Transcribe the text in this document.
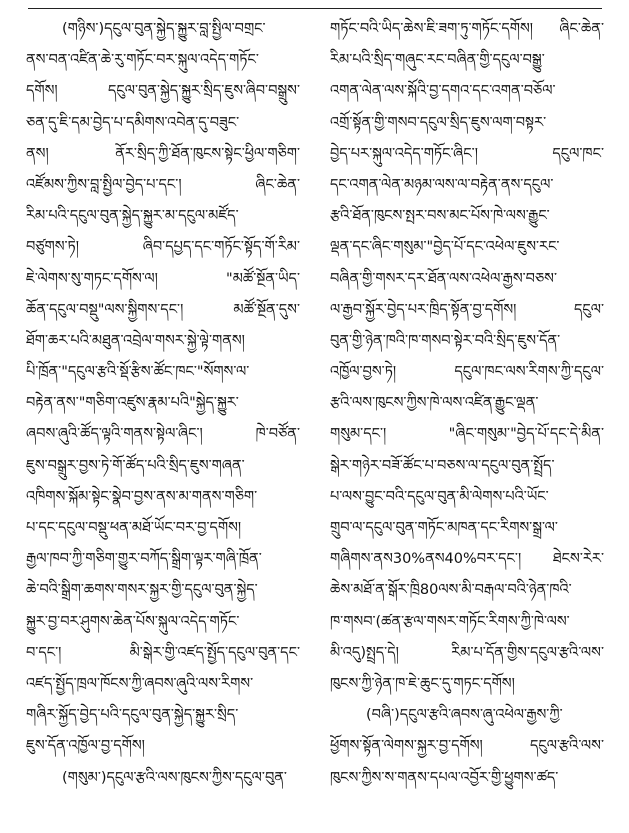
(གཉིས་)དངུལ་བུན་སྐྱེད་སྐྱུར་བླ་སྤྱིལ་བགྲང་
ནས་བན་འཛིན་ཆེ་རུ་གཏོང་བར་སྐུལ་འདེད་གཏོང་
དགོས། དངུལ་བུན་སྐྱེད་སྐྱུར་སྲིད་ཇུས་ཞིབ་བསྒྲུས་
ཅན་དུ་ཇི་དམ་བྱེད་པ་དམིགས་འབེན་དུ་བཟུང་
ནས། ནོར་སྲིད་ཀྱི་ཐོན་ཁུངས་སྟེང་ཕྱིལ་གཅིག་
འཛོམས་ཀྱིས་བླ་སྤྱིལ་བྱེད་པ་དང་། ཞིང་ཆེན་
རིམ་པའི་དངུལ་བུན་སྐྱེད་སྐྱུར་མ་དངུལ་མཛོད་
བཙུགས་ཏེ། ཞིབ་དཔྱད་དང་གཏོང་སྟོད་གོ་རིམ་
ཇེ་ལེགས་སུ་གཏང་དགོས་ལ། "མཚོ་སྔོན་ཡིད་
ཆོན་དངུལ་བསྡུ"ལས་སྐྱིགས་དང་། མཚོ་སྔོན་དུས་
ཐོག་ཆར་པའི་མཐུན་འབྲེལ་གསར་སྐྱེ་ལྟེ་གནས།
པི་ཁྲོན་"དངུལ་རྩའི་སྡོ་རྩིས་ཚོང་ཁང་"སོགས་ལ་
བརྟེན་ནས་"གཅིག་འཛུས་རྣམ་པའི"སྐྱེད་སྐྱུར་
ཞབས་ཞུའི་ཚོད་ལྟའི་གནས་སྟེལ་ཞིང་། ཁེ་བཙོན་
ཇུས་བསྒྲུར་བྱས་ཏེ་གོ་ཚོད་པའི་སྲིད་ཇུས་གཞན་
འཁིགས་སྐོམ་སྟེང་སྣེབ་བྱས་ནས་མ་གནས་གཅིག་
པ་དང་དངུལ་བསྡུ་ཕན་མཐོ་ཡོང་བར་བྱ་དགོས།
རྒྱལ་ཁབ་ཀྱི་གཅིག་གྱུར་བཀོད་སྒྲིག་ལྟར་གཞི་ཁྲོན་
ཆེ་བའི་སྒྲིག་ཆགས་གསར་སྐྱར་གྱི་དངུལ་བུན་སྐྱེད་
སྐྱུར་བྱ་བར་ཤུགས་ཆེན་པོས་སྐུལ་འདེད་གཏོང་
བ་དང་། མི་སྒེར་གྱི་འཛད་སྤྱོད་དངུལ་བུན་དང་
འཛད་སྤྱོད་ཁྲལ་ཁོངས་ཀྱི་ཞབས་ཞུའི་ལས་རིགས་
གཞིར་སྐྱོད་བྱེད་པའི་དངུལ་བུན་སྐྱེད་སྐྱུར་སྲིད་
ཇུས་དོན་འཁྱོལ་བྱ་དགོས།
(གསུམ་)དངུལ་རྩའི་ལས་ཁུངས་ཀྱིས་དངུལ་བུན་
གཏོང་བའི་ཡིད་ཆེས་ཇི་ཟག་ཏུ་གཏོང་དགོས། ཞིང་ཆེན་
རིམ་པའི་སྲིད་གཞུང་རང་བཞིན་གྱི་དངུལ་བསྒྱུ་
འགན་ལེན་ལས་སྐོའི་བྱ་དགའ་དང་འགན་བཅོལ་
འགྲོ་སྟོན་གྱི་གསབ་དངུལ་སྲིད་ཇུས་ལག་བསྟར་
བྱེད་པར་སྐུལ་འདེད་གཏོང་ཞིང་། དངུལ་ཁང་
དང་འགན་ལེན་མཉམ་ལས་ལ་བརྟེན་ནས་དངུལ་
རྩའི་ཐོན་ཁུངས་སྤར་བས་མང་པོས་ཁེ་ལས་རྒྱུང་
ལྡན་དང་ཞིང་གསུམ་"བྱེད་པོ་དང་འཕེལ་ཇུས་རང་
བཞིན་གྱི་གསར་དར་ཐོན་ལས་འཕེལ་རྒྱས་བཅས་
ལ་རྒྱབ་སྐྱོར་བྱེད་པར་ཁྲིད་སྟོན་བྱ་དགོས། དངུལ་
བུན་གྱི་ཉེན་ཁའི་ཁ་གསབ་སྟེར་བའི་སྲིད་ཇུས་དོན་
འཁྱོལ་བྱས་ཏེ། དངུལ་ཁང་ལས་རིགས་ཀྱི་དངུལ་
རྩའི་ལས་ཁུངས་ཀྱིས་ཁེ་ལས་འཛིན་རྒྱུང་ལྡན་
གསུམ་དང་། "ཞིང་གསུམ་"བྱེད་པོ་དང་དེ་མིན་
སྒེར་གཉེར་བཟོ་ཚོང་པ་བཅས་ལ་དངུལ་བུན་སྤྲོད་
པ་ལས་བྱུང་བའི་དངུལ་བུན་མི་ལེགས་པའི་ཡོང་
གྲུབ་ལ་དངུལ་བུན་གཏོང་མཁན་དང་རིགས་སྒྲ་ལ་
གཞིགས་ནས30%ནས40%བར་དང་། ཐེངས་རེར་
ཆེས་མཐོ་ན་སྒོར་ཁྲི80ལས་མི་བརྒལ་བའི་ཉེན་ཁའི་
ཁ་གསབ་(ཚན་རྩལ་གསར་གཏོང་རིགས་ཀྱི་ཁེ་ལས་
མི་འདུ)སྤྲད་དེ། རིམ་པ་དོན་གྱིས་དངུལ་རྩའི་ལས་
ཁུངས་ཀྱི་ཉེན་ཁ་ཇེ་ཆུང་དུ་གཏང་དགོས།
(བཞི་)དངུལ་རྩའི་ཞབས་ཞུ་འཕེལ་རྒྱས་ཀྱི་
ཕྱོགས་སྟོན་ལེགས་སྐྱར་བྱ་དགོས། དངུལ་རྩའི་ལས་
ཁུངས་ཀྱིས་ས་གནས་དཔལ་འབྱོར་གྱི་ཕྱུགས་ཚད་
